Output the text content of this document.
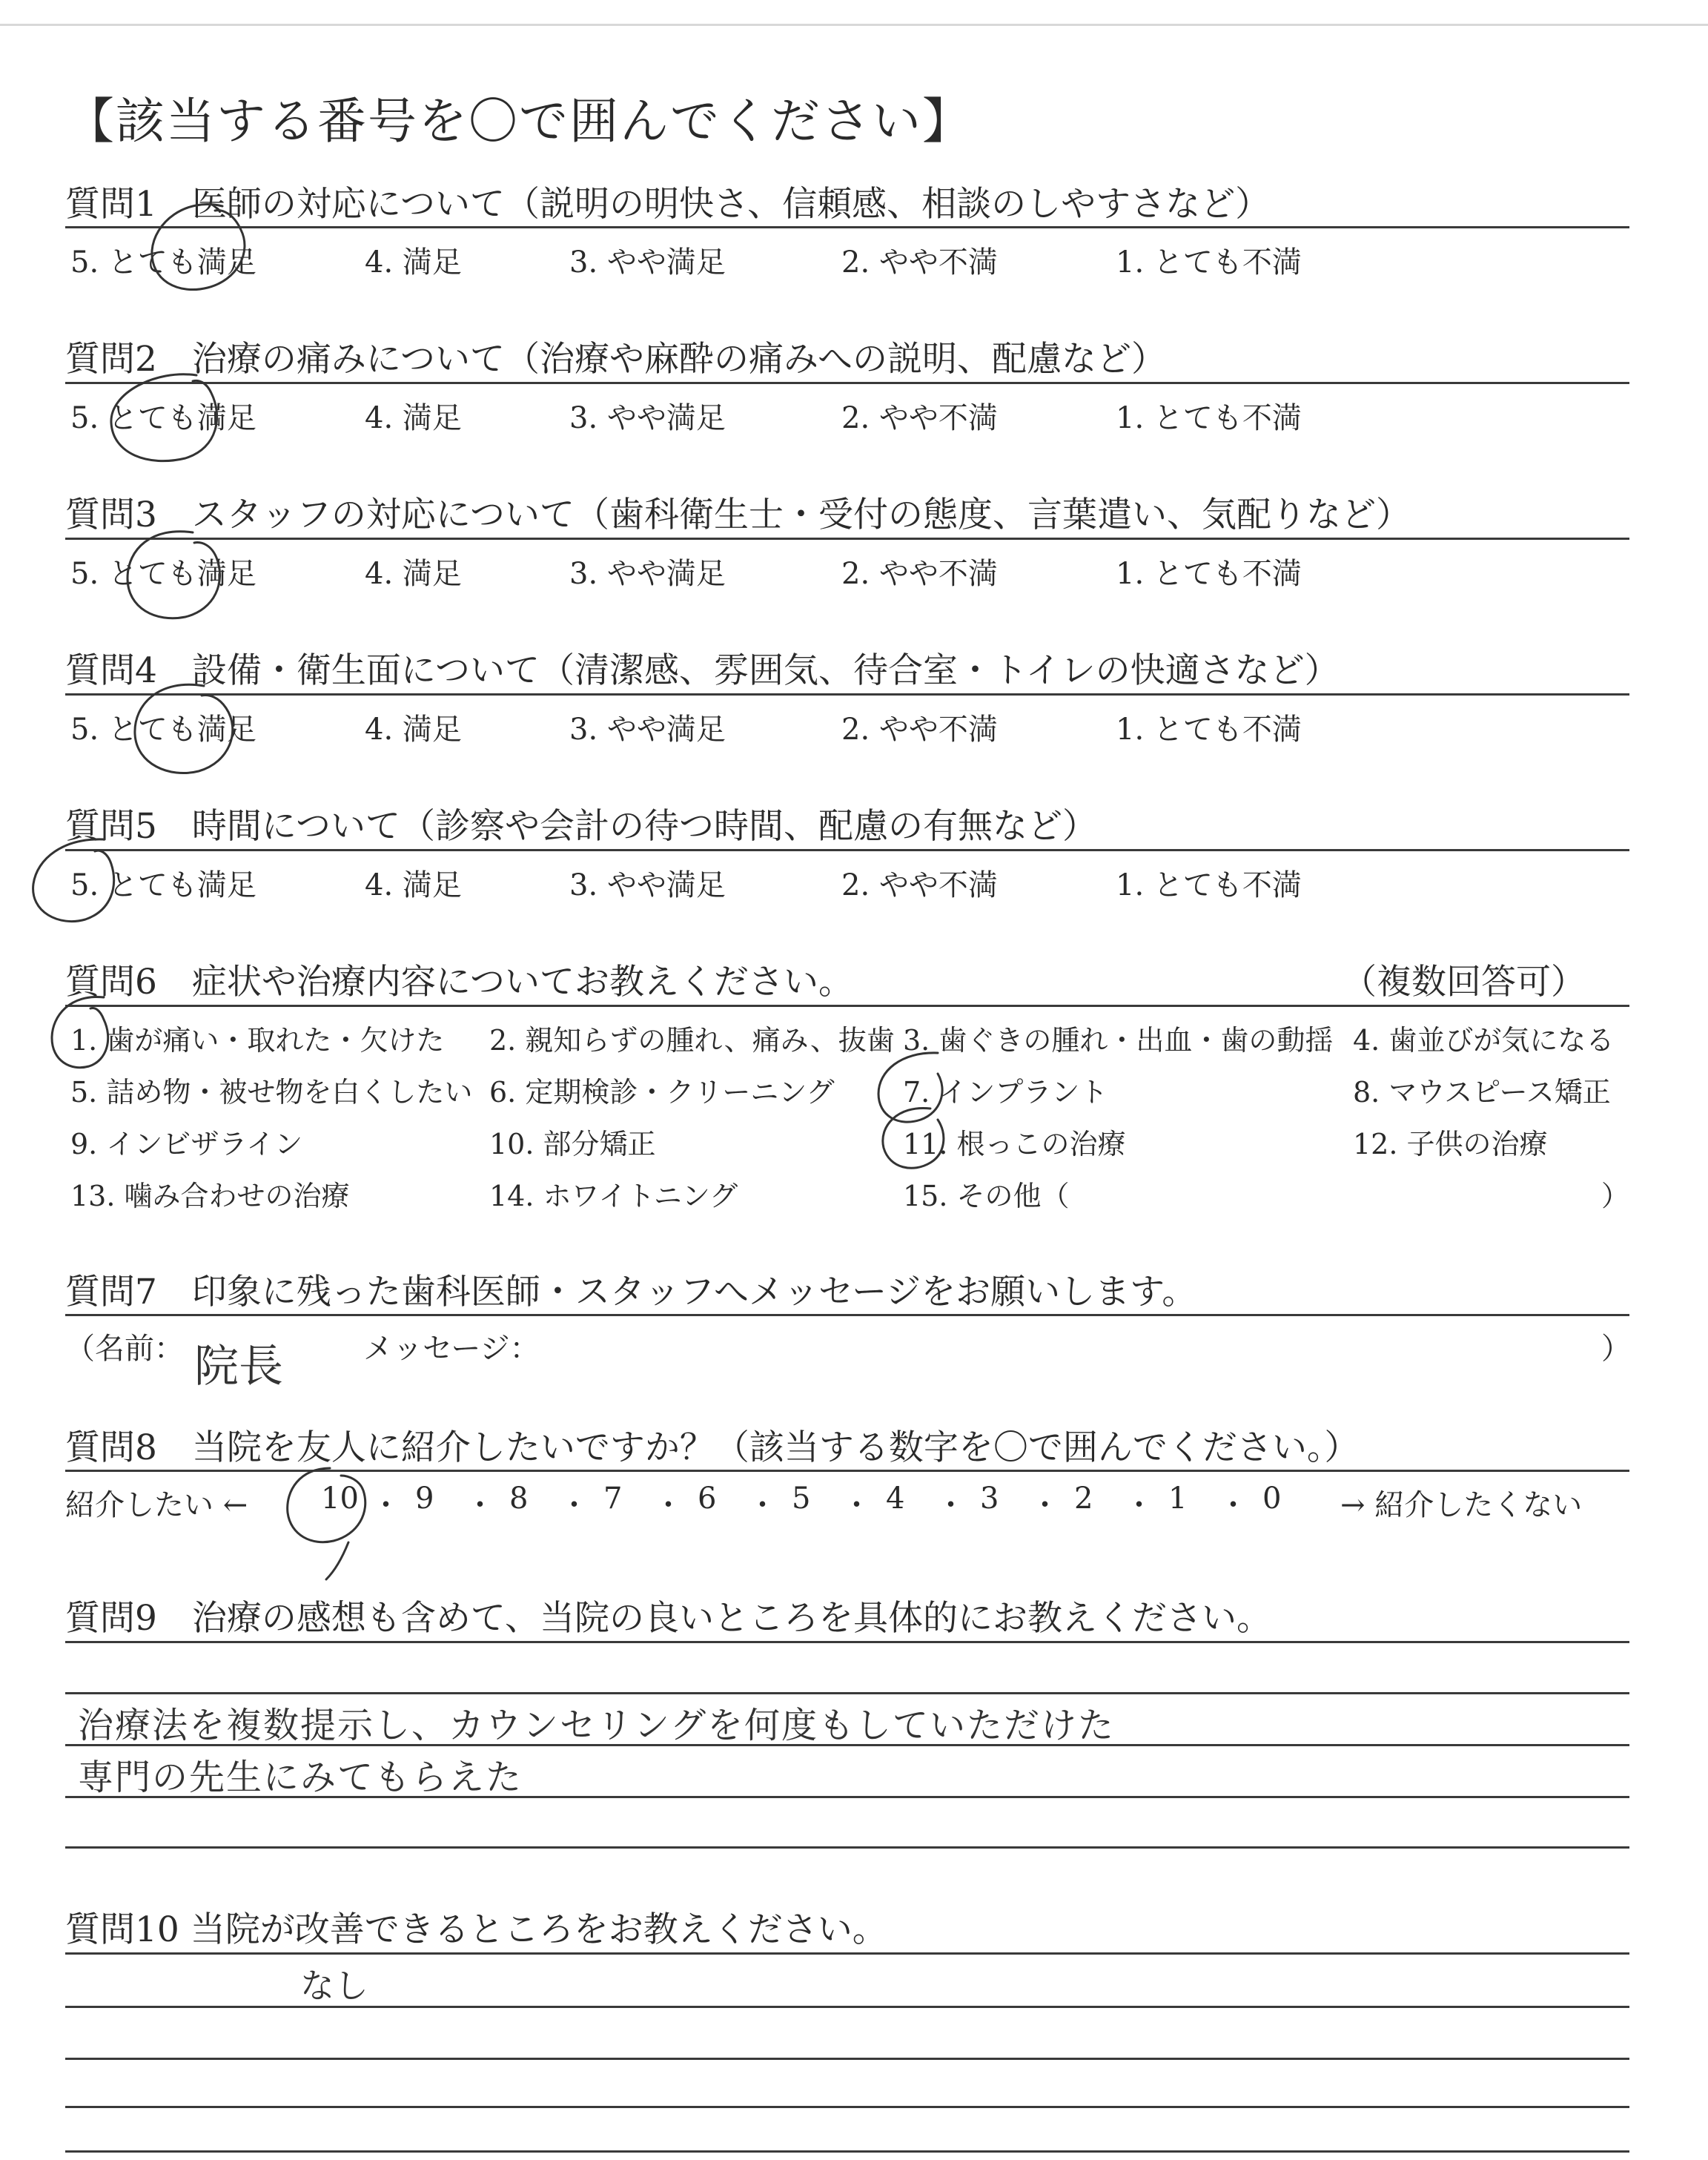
【該当する番号を〇で囲んでください】
質問1　医師の対応について（説明の明快さ、信頼感、相談のしやすさなど）
5. とても満足	4. 満足	3. やや満足	2. やや不満	1. とても不満
質問2　治療の痛みについて（治療や麻酔の痛みへの説明、配慮など）
5. とても満足	4. 満足	3. やや満足	2. やや不満	1. とても不満
質問3　スタッフの対応について（歯科衛生士・受付の態度、言葉遣い、気配りなど）
5. とても満足	4. 満足	3. やや満足	2. やや不満	1. とても不満
質問4　設備・衛生面について（清潔感、雰囲気、待合室・トイレの快適さなど）
5. とても満足	4. 満足	3. やや満足	2. やや不満	1. とても不満
質問5　時間について（診察や会計の待つ時間、配慮の有無など）
5. とても満足	4. 満足	3. やや満足	2. やや不満	1. とても不満
質問6　症状や治療内容についてお教えください。	（複数回答可）
1. 歯が痛い・取れた・欠けた 2. 親知らずの腫れ、痛み、抜歯 3. 歯ぐきの腫れ・出血・歯の動揺 4. 歯並びが気になる
5. 詰め物・被せ物を白くしたい 6. 定期検診・クリーニング 7. インプラント	8. マウスピース矯正
9. インビザライン	10. 部分矯正	11. 根っこの治療	12. 子供の治療
13. 噛み合わせの治療	14. ホワイトニング	15. その他（	）
質問7　印象に残った歯科医師・スタッフへメッセージをお願いします。
（名前： 院長	メッセージ：	）
質問8　当院を友人に紹介したいですか？（該当する数字を〇で囲んでください。）
紹介したい ← 10 ・ 9 ・ 8 ・ 7 ・ 6 ・ 5 ・ 4 ・ 3 ・ 2 ・ 1 ・ 0 → 紹介したくない
質問9　治療の感想も含めて、当院の良いところを具体的にお教えください。
治療法を複数提示し、カウンセリングを何度もしていただけた
専門の先生にみてもらえた
質問10 当院が改善できるところをお教えください。
なし
